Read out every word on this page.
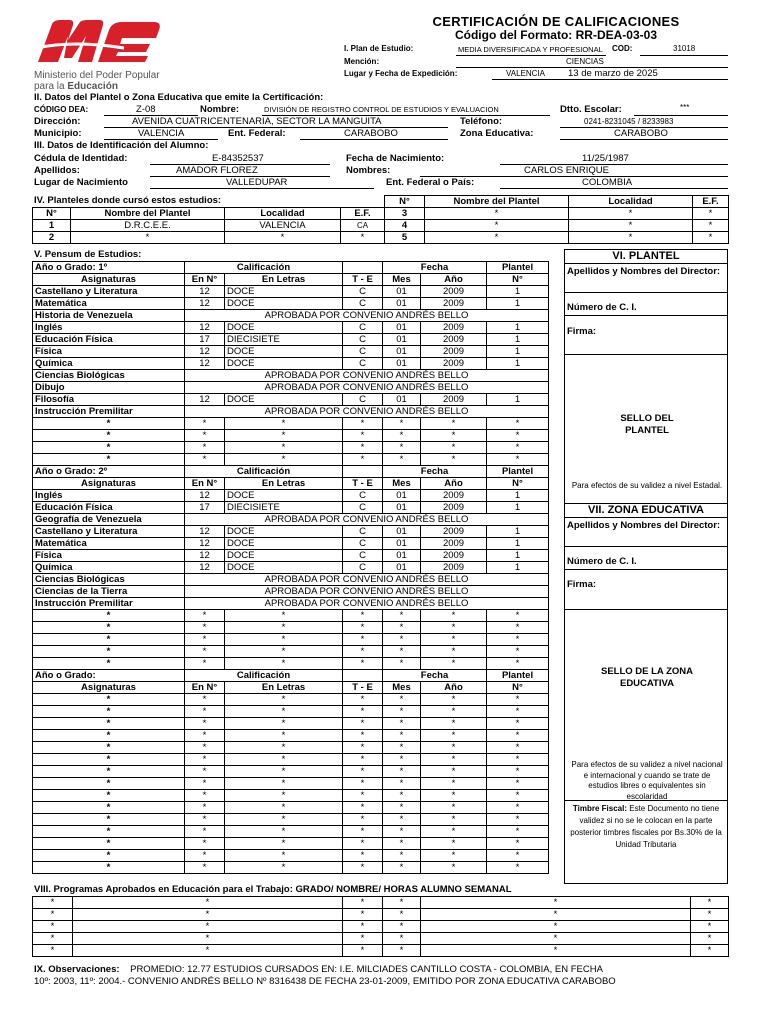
Ministerio del Poder Popular
para la Educación
CERTIFICACIÓN DE CALIFICACIONES
Código del Formato: RR-DEA-03-03
I. Plan de Estudio:	MEDIA DIVERSIFICADA Y PROFESIONAL COD:	31018
Mención:	CIENCIAS
Lugar y Fecha de Expedición:	VALENCIA 13 de marzo de 2025
II. Datos del Plantel o Zona Educativa que emite la Certificación:
CÓDIGO DEA:	Z-08	Nombre:	DIVISIÓN DE REGISTRO CONTROL DE ESTUDIOS Y EVALUACION	Dtto. Escolar:	***
Dirección:	AVENIDA CUATRICENTENARIA, SECTOR LA MANGUITA	Teléfono:	0241-8231045 / 8233983
Municipio:	VALENCIA	Ent. Federal:	CARABOBO	Zona Educativa:	CARABOBO
III. Datos de Identificación del Alumno:
Cédula de Identidad:	E-84352537	Fecha de Nacimiento:	11/25/1987
Apellidos:	AMADOR FLOREZ	Nombres:	CARLOS ENRIQUE
Lugar de Nacimiento	VALLEDUPAR	Ent. Federal o País:	COLOMBIA
IV. Planteles donde cursó estos estudios:
N°	Nombre del Plantel	Localidad	E.F.
1	D.R.C.E.E.	VALENCIA	CA
2	*	*	*
N°	Nombre del Plantel	Localidad	E.F.
3	*	*	*
4	*	*	*
5	*	*	*
V. Pensum de Estudios:
Año o Grado: 1º	Calificación			Fecha		Plantel
Asignaturas	En N°	En Letras	T - E	Mes	Año	N°
Castellano y Literatura	12	DOCE	C	01	2009	1
Matemática	12	DOCE	C	01	2009	1
Historia de Venezuela	APROBADA POR CONVENIO ANDRÉS BELLO					
Inglés	12	DOCE	C	01	2009	1
Educación Física	17	DIECISIETE	C	01	2009	1
Física	12	DOCE	C	01	2009	1
Química	12	DOCE	C	01	2009	1
Ciencias Biológicas	APROBADA POR CONVENIO ANDRÉS BELLO					
Dibujo	APROBADA POR CONVENIO ANDRÉS BELLO					
Filosofía	12	DOCE	C	01	2009	1
Instrucción Premilitar	APROBADA POR CONVENIO ANDRÉS BELLO					
*	*	*	*	*	*	*
*	*	*	*	*	*	*
*	*	*	*	*	*	*
*	*	*	*	*	*	*
Año o Grado: 2º	Calificación			Fecha		Plantel
Asignaturas	En N°	En Letras	T - E	Mes	Año	N°
Inglés	12	DOCE	C	01	2009	1
Educación Física	17	DIECISIETE	C	01	2009	1
Geografía de Venezuela	APROBADA POR CONVENIO ANDRÉS BELLO					
Castellano y Literatura	12	DOCE	C	01	2009	1
Matemática	12	DOCE	C	01	2009	1
Física	12	DOCE	C	01	2009	1
Química	12	DOCE	C	01	2009	1
Ciencias Biológicas	APROBADA POR CONVENIO ANDRÉS BELLO					
Ciencias de la Tierra	APROBADA POR CONVENIO ANDRÉS BELLO					
Instrucción Premilitar	APROBADA POR CONVENIO ANDRÉS BELLO					
*	*	*	*	*	*	*
*	*	*	*	*	*	*
*	*	*	*	*	*	*
*	*	*	*	*	*	*
*	*	*	*	*	*	*
Año o Grado:	Calificación			Fecha		Plantel
Asignaturas	En N°	En Letras	T - E	Mes	Año	N°
*	*	*	*	*	*	*
*	*	*	*	*	*	*
*	*	*	*	*	*	*
*	*	*	*	*	*	*
*	*	*	*	*	*	*
*	*	*	*	*	*	*
*	*	*	*	*	*	*
*	*	*	*	*	*	*
*	*	*	*	*	*	*
*	*	*	*	*	*	*
*	*	*	*	*	*	*
*	*	*	*	*	*	*
*	*	*	*	*	*	*
*	*	*	*	*	*	*
*	*	*	*	*	*	*
VI. PLANTEL
Apellidos y Nombres del Director:
Número de C. I.
Firma:
SELLO DEL PLANTEL
Para efectos de su validez a nivel Estadal.
VII. ZONA EDUCATIVA
Apellidos y Nombres del Director:
Número de C. I.
Firma:
SELLO DE LA ZONA EDUCATIVA
Para efectos de su validez a nivel nacional e internacional y cuando se trate de estudios libres o equivalentes sin escolaridad
Timbre Fiscal: Este Documento no tiene validez si no se le colocan en la parte posterior timbres fiscales por Bs.30% de la Unidad Tributaria
VIII. Programas Aprobados en Educación para el Trabajo: GRADO/ NOMBRE/ HORAS ALUMNO SEMANAL
*	*	*	*	*	*
*	*	*	*	*	*
*	*	*	*	*	*
*	*	*	*	*	*
*	*	*	*	*	*
IX. Observaciones: PROMEDIO: 12.77 ESTUDIOS CURSADOS EN: I.E. MILCIADES CANTILLO COSTA - COLOMBIA, EN FECHA
10º: 2003, 11º: 2004.- CONVENIO ANDRÉS BELLO Nº 8316438 DE FECHA 23-01-2009, EMITIDO POR ZONA EDUCATIVA CARABOBO
